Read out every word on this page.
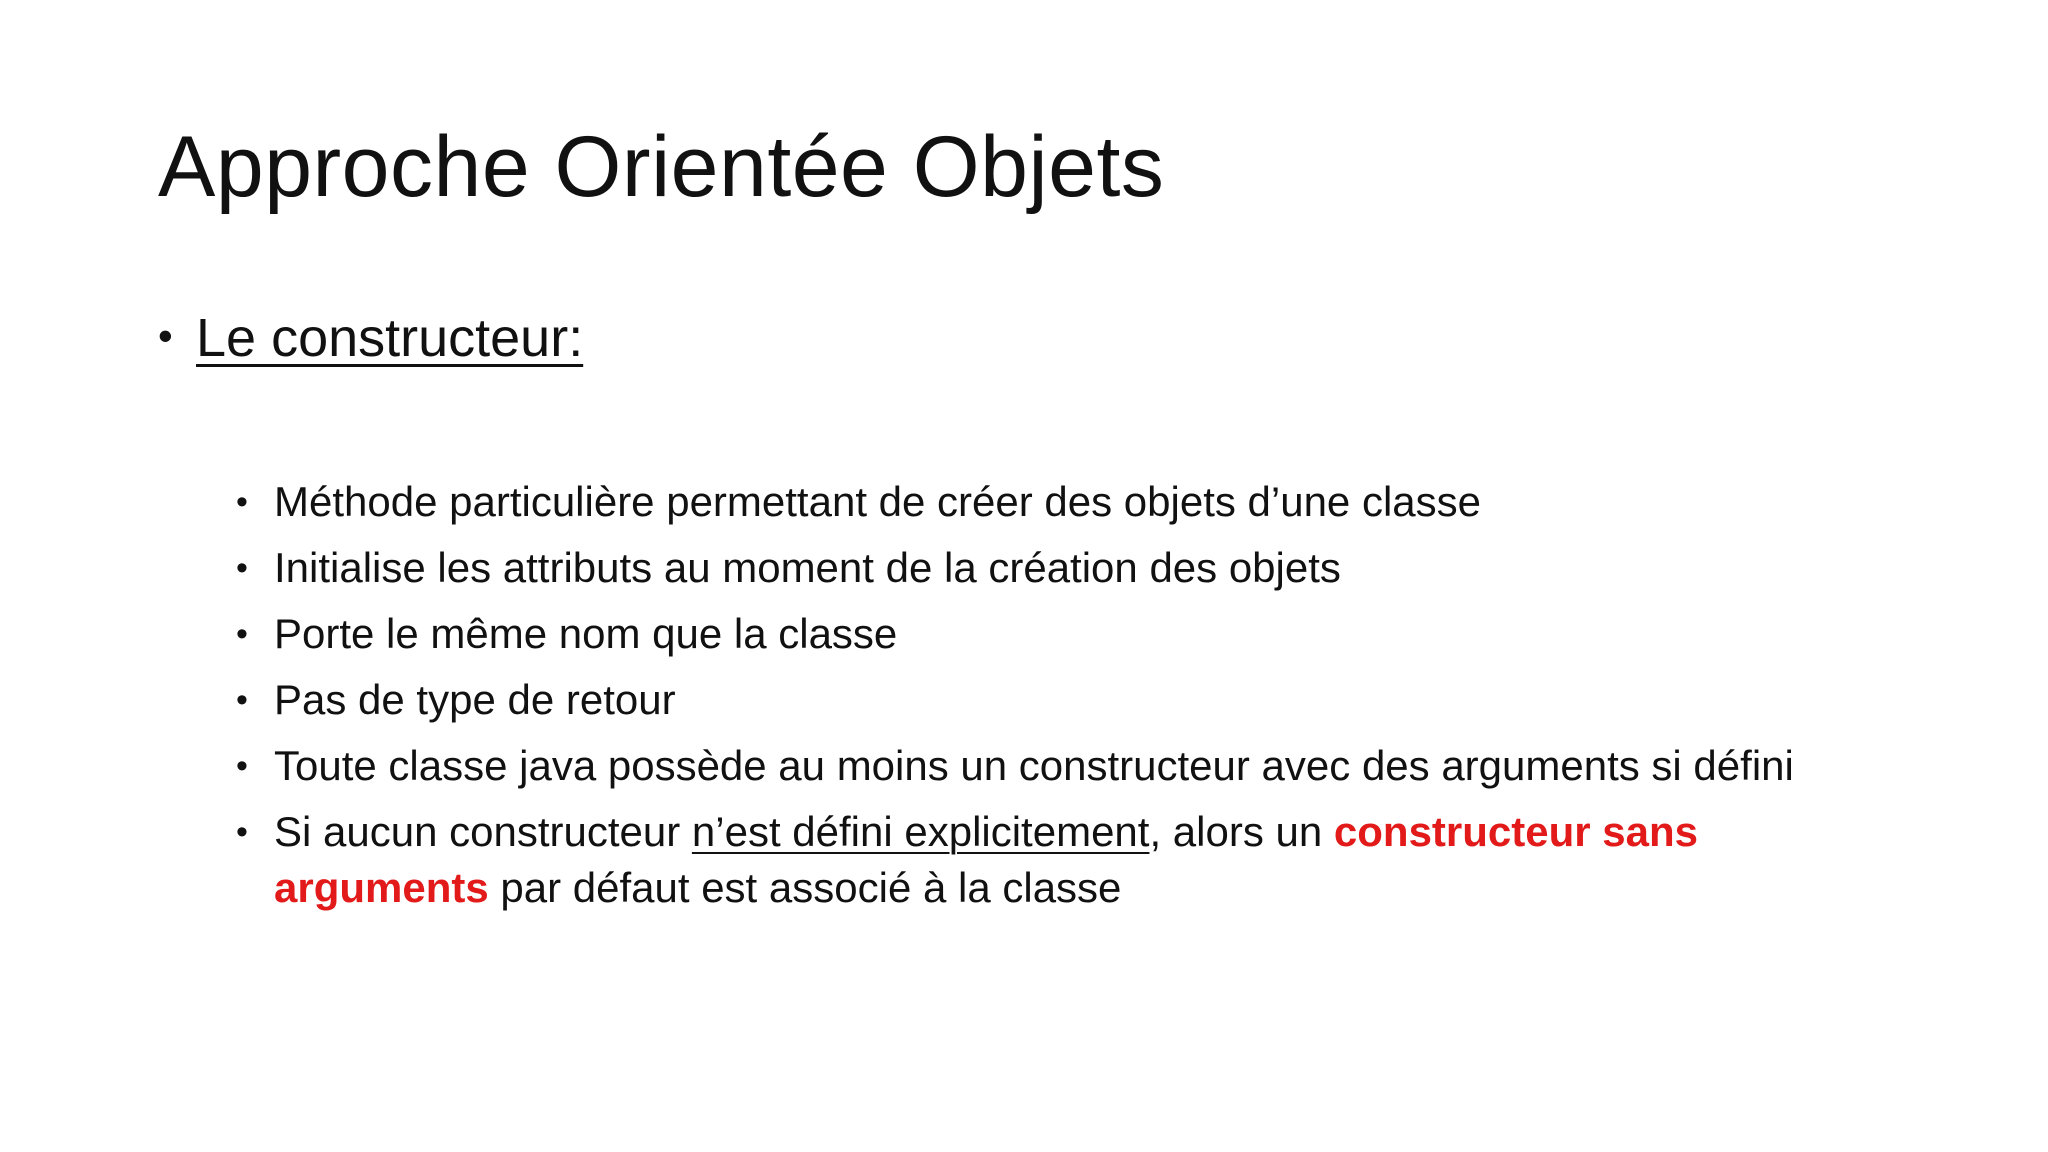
Approche Orientée Objets
• Le constructeur:
• Méthode particulière permettant de créer des objets d’une classe
• Initialise les attributs au moment de la création des objets
• Porte le même nom que la classe
• Pas de type de retour
• Toute classe java possède au moins un constructeur avec des arguments si défini
• Si aucun constructeur n’est défini explicitement, alors un constructeur sans arguments par défaut est associé à la classe
